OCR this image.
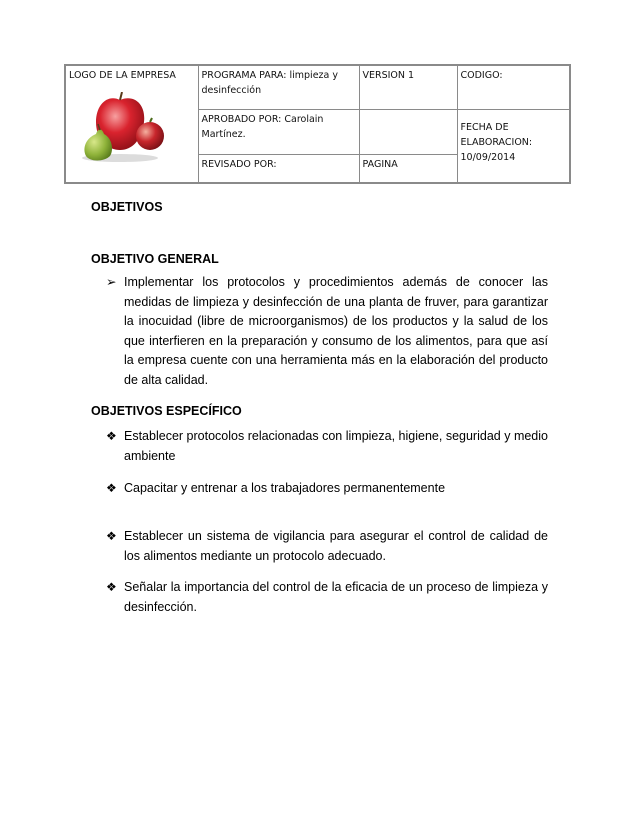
LOGO DE LA EMPRESA	PROGRAMA PARA: limpieza y desinfección	VERSION 1	CODIGO:
	APROBADO POR: Carolain Martínez.		FECHA DE ELABORACION: 10/09/2014
	REVISADO POR:	PAGINA	
OBJETIVOS
OBJETIVO GENERAL
➢ Implementar los protocolos y procedimientos además de conocer las medidas de limpieza y desinfección de una planta de fruver, para garantizar la inocuidad (libre de microorganismos) de los productos y la salud de los que interfieren en la preparación y consumo de los alimentos, para que así la empresa cuente con una herramienta más en la elaboración del producto de alta calidad.

OBJETIVOS ESPECÍFICO
❖ Establecer protocolos relacionadas con limpieza, higiene, seguridad y medio ambiente

❖ Capacitar y entrenar a los trabajadores permanentemente

❖ Establecer un sistema de vigilancia para asegurar el control de calidad de los alimentos mediante un protocolo adecuado.

❖ Señalar la importancia del control de la eficacia de un proceso de limpieza y desinfección.
